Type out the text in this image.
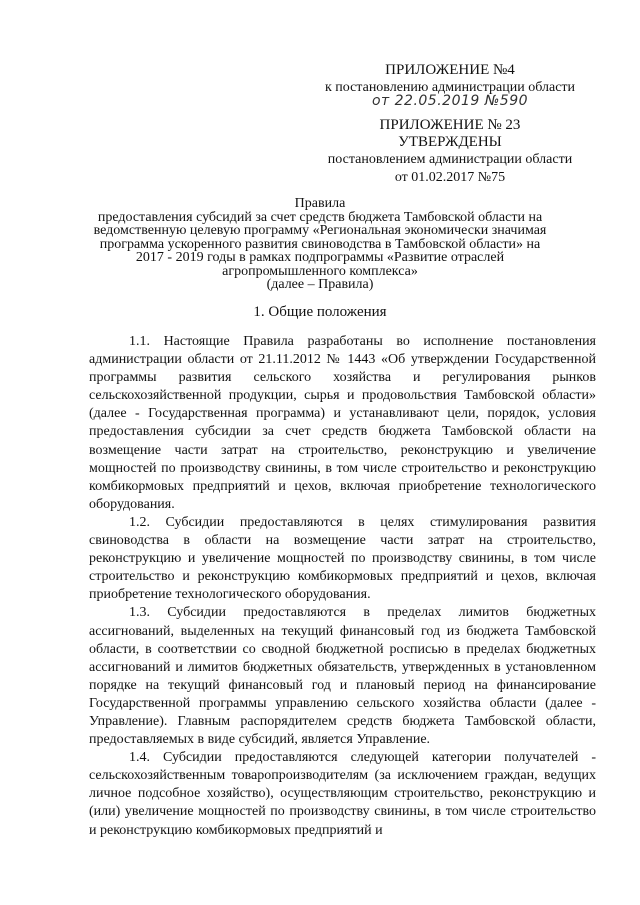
ПРИЛОЖЕНИЕ №4
к постановлению администрации области
от 22.05.2019 №590
ПРИЛОЖЕНИЕ № 23
УТВЕРЖДЕНЫ
постановлением администрации области
от 01.02.2017 №75
Правила
предоставления субсидий за счет средств бюджета Тамбовской области на
ведомственную целевую программу «Региональная экономически значимая
программа ускоренного развития свиноводства в Тамбовской области» на
2017 - 2019 годы в рамках подпрограммы «Развитие отраслей
агропромышленного комплекса»
(далее – Правила)
1. Общие положения

1.1. Настоящие Правила разработаны во исполнение постановления администрации области от 21.11.2012 № 1443 «Об утверждении Государственной программы развития сельского хозяйства и регулирования рынков сельскохозяйственной продукции, сырья и продовольствия Тамбовской области» (далее - Государственная программа) и устанавливают цели, порядок, условия предоставления субсидии за счет средств бюджета Тамбовской области на возмещение части затрат на строительство, реконструкцию и увеличение мощностей по производству свинины, в том числе строительство и реконструкцию комбикормовых предприятий и цехов, включая приобретение технологического оборудования.

1.2. Субсидии предоставляются в целях стимулирования развития свиноводства в области на возмещение части затрат на строительство, реконструкцию и увеличение мощностей по производству свинины, в том числе строительство и реконструкцию комбикормовых предприятий и цехов, включая приобретение технологического оборудования.

1.3. Субсидии предоставляются в пределах лимитов бюджетных ассигнований, выделенных на текущий финансовый год из бюджета Тамбовской области, в соответствии со сводной бюджетной росписью в пределах бюджетных ассигнований и лимитов бюджетных обязательств, утвержденных в установленном порядке на текущий финансовый год и плановый период на финансирование Государственной программы управлению сельского хозяйства области (далее - Управление). Главным распорядителем средств бюджета Тамбовской области, предоставляемых в виде субсидий, является Управление.

1.4. Субсидии предоставляются следующей категории получателей - сельскохозяйственным товаропроизводителям (за исключением граждан, ведущих личное подсобное хозяйство), осуществляющим строительство, реконструкцию и (или) увеличение мощностей по производству свинины, в том числе строительство и реконструкцию комбикормовых предприятий и
